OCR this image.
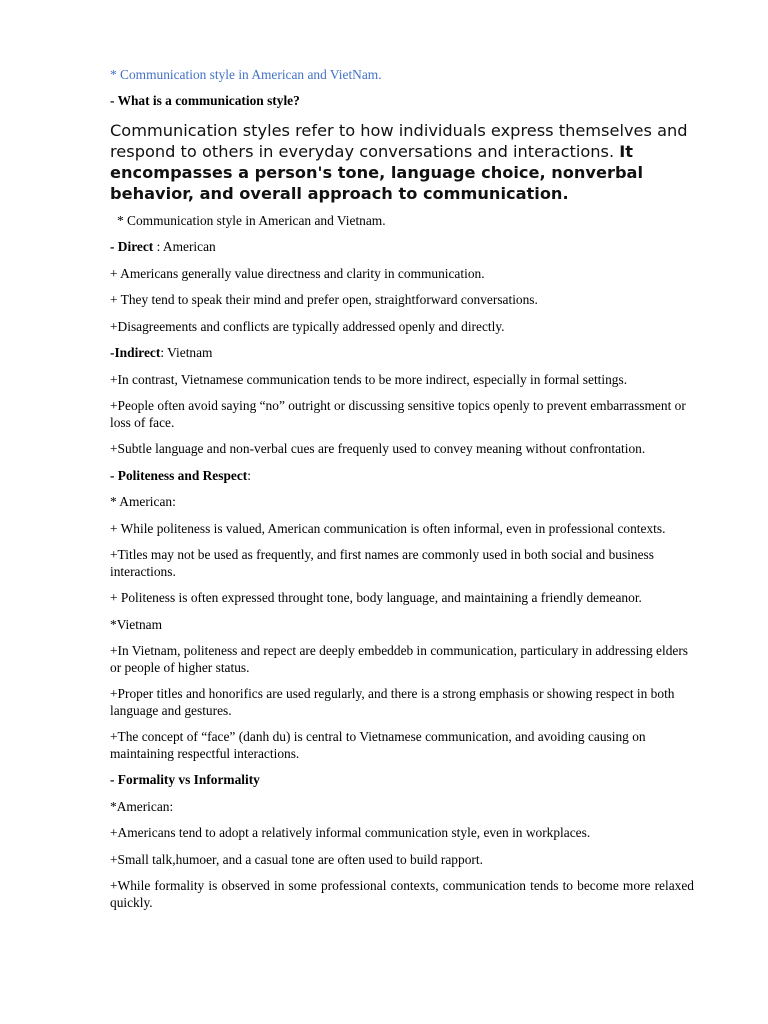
* Communication style in American and VietNam.

- What is a communication style?

Communication styles refer to how individuals express themselves and respond to others in everyday conversations and interactions. It encompasses a person's tone, language choice, nonverbal behavior, and overall approach to communication.

* Communication style in American and Vietnam.

- Direct : American

+ Americans generally value directness and clarity in communication.

+ They tend to speak their mind and prefer open, straightforward conversations.

+Disagreements and conflicts are typically addressed openly and directly.

-Indirect: Vietnam

+In contrast, Vietnamese communication tends to be more indirect, especially in formal settings.

+People often avoid saying “no” outright or discussing sensitive topics openly to prevent embarrassment or loss of face.

+Subtle language and non-verbal cues are frequenly used to convey meaning without confrontation.

- Politeness and Respect:

* American:

+ While politeness is valued, American communication is often informal, even in professional contexts.

+Titles may not be used as frequently, and first names are commonly used in both social and business interactions.

+ Politeness is often expressed throught tone, body language, and maintaining a friendly demeanor.

*Vietnam

+In Vietnam, politeness and repect are deeply embeddeb in communication, particulary in addressing elders or people of higher status.

+Proper titles and honorifics are used regularly, and there is a strong emphasis or showing respect in both language and gestures.

+The concept of “face” (danh du) is central to Vietnamese communication, and avoiding causing on maintaining respectful interactions.

- Formality vs Informality

*American:

+Americans tend to adopt a relatively informal communication style, even in workplaces.

+Small talk,humoer, and a casual tone are often used to build rapport.

+While formality is observed in some professional contexts, communication tends to become more relaxed quickly.
